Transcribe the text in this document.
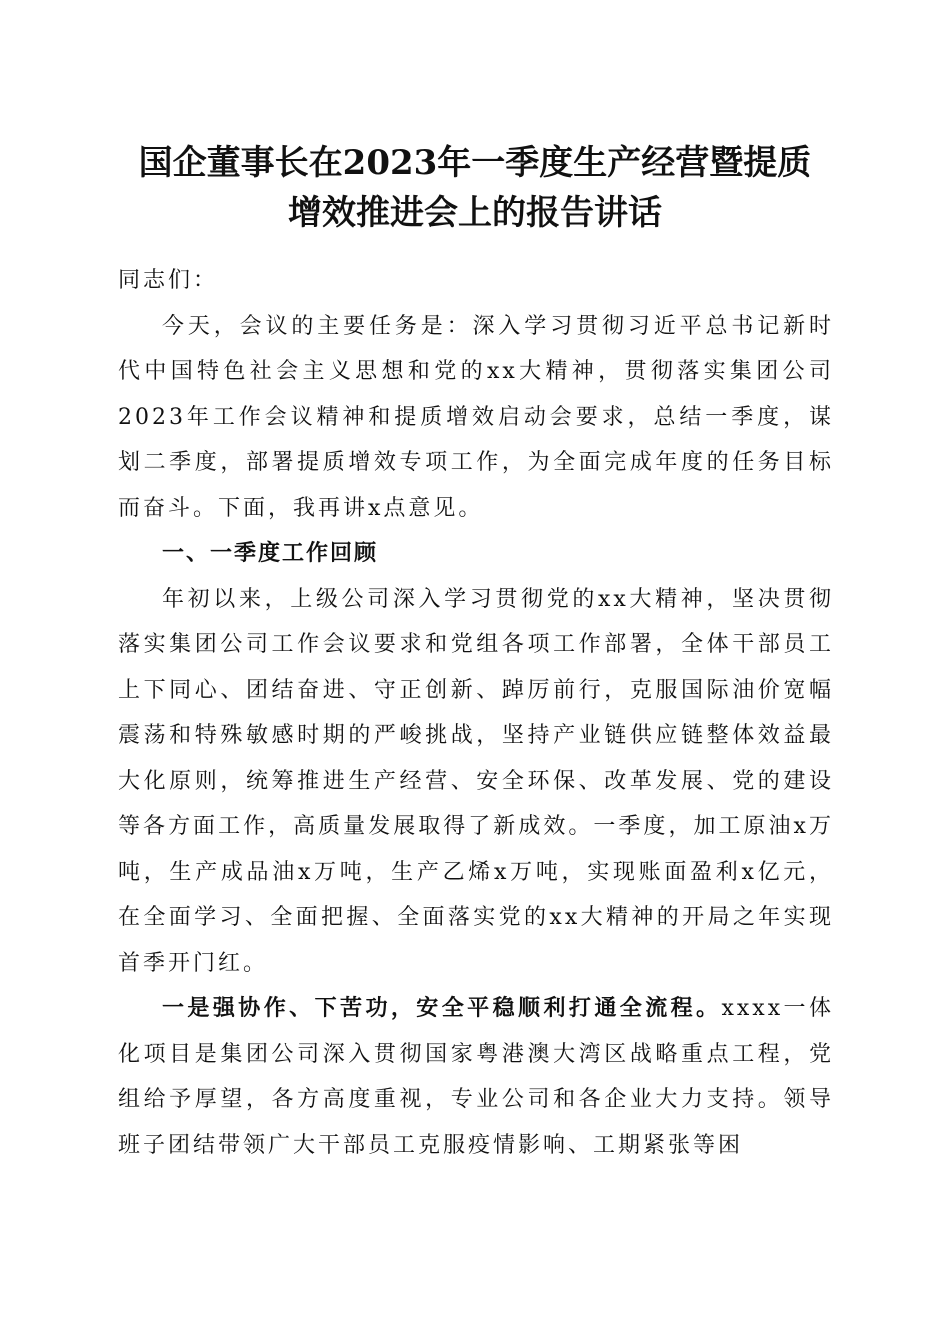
国企董事长在2023年一季度生产经营暨提质
增效推进会上的报告讲话

同志们：

今天，会议的主要任务是：深入学习贯彻习近平总书记新时代中国特色社会主义思想和党的xx大精神，贯彻落实集团公司2023年工作会议精神和提质增效启动会要求，总结一季度，谋划二季度，部署提质增效专项工作，为全面完成年度的任务目标而奋斗。下面，我再讲x点意见。

一、一季度工作回顾

年初以来，上级公司深入学习贯彻党的xx大精神，坚决贯彻落实集团公司工作会议要求和党组各项工作部署，全体干部员工上下同心、团结奋进、守正创新、踔厉前行，克服国际油价宽幅震荡和特殊敏感时期的严峻挑战，坚持产业链供应链整体效益最大化原则，统筹推进生产经营、安全环保、改革发展、党的建设等各方面工作，高质量发展取得了新成效。一季度，加工原油x万吨，生产成品油x万吨，生产乙烯x万吨，实现账面盈利x亿元，在全面学习、全面把握、全面落实党的xx大精神的开局之年实现首季开门红。

一是强协作、下苦功，安全平稳顺利打通全流程。xxxx一体化项目是集团公司深入贯彻国家粤港澳大湾区战略重点工程，党组给予厚望，各方高度重视，专业公司和各企业大力支持。领导班子团结带领广大干部员工克服疫情影响、工期紧张等困
